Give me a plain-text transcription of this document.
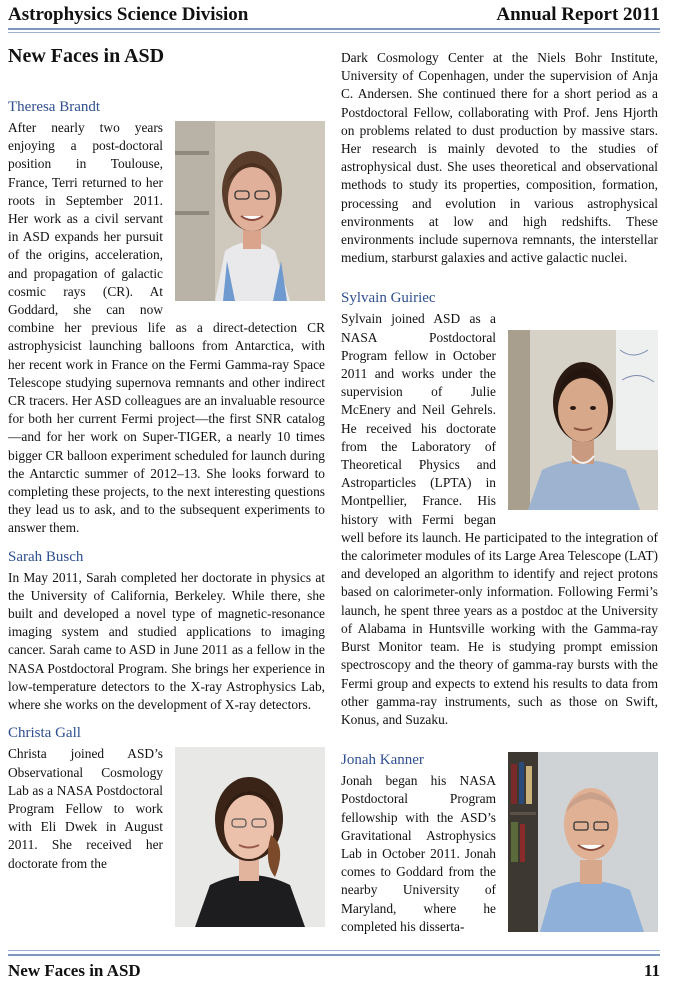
Astrophysics Science Division	Annual Report 2011
New Faces in ASD
Theresa Brandt

After nearly two years enjoying a post-doctoral position in Toulouse, France, Terri returned to her roots in September 2011. Her work as a civil servant in ASD expands her pursuit of the origins, acceleration, and propagation of galactic cosmic rays (CR). At Goddard, she can now combine her previous life as a direct-detection CR astrophysicist launching balloons from Antarctica, with her recent work in France on the Fermi Gamma-ray Space Telescope studying supernova remnants and other indirect CR tracers. Her ASD colleagues are an invaluable resource for both her current Fermi project—the first SNR catalog—and for her work on Super-TIGER, a nearly 10 times bigger CR balloon experiment scheduled for launch during the Antarctic summer of 2012–13. She looks forward to completing these projects, to the next interesting questions they lead us to ask, and to the subsequent experiments to answer them.

Sarah Busch

In May 2011, Sarah completed her doctorate in physics at the University of California, Berkeley. While there, she built and developed a novel type of magnetic-resonance imaging system and studied applications to imaging cancer. Sarah came to ASD in June 2011 as a fellow in the NASA Postdoctoral Program. She brings her experience in low-temperature detectors to the X-ray Astrophysics Lab, where she works on the development of X-ray detectors.

Christa Gall

Christa joined ASD’s Observational Cosmology Lab as a NASA Postdoctoral Program Fellow to work with Eli Dwek in August 2011. She received her doctorate from the

Dark Cosmology Center at the Niels Bohr Institute, University of Copenhagen, under the supervision of Anja C. Andersen. She continued there for a short period as a Postdoctoral Fellow, collaborating with Prof. Jens Hjorth on problems related to dust production by massive stars. Her research is mainly devoted to the studies of astrophysical dust. She uses theoretical and observational methods to study its properties, composition, formation, processing and evolution in various astrophysical environments at low and high redshifts. These environments include supernova remnants, the interstellar medium, starburst galaxies and active galactic nuclei.

Sylvain Guiriec

Sylvain joined ASD as a NASA Postdoctoral Program fellow in October 2011 and works under the supervision of Julie McEnery and Neil Gehrels. He received his doctorate from the Laboratory of Theoretical Physics and Astroparticles (LPTA) in Montpellier, France. His history with Fermi began well before its launch. He participated to the integration of the calorimeter modules of its Large Area Telescope (LAT) and developed an algorithm to identify and reject protons based on calorimeter-only information. Following Fermi’s launch, he spent three years as a postdoc at the University of Alabama in Huntsville working with the Gamma-ray Burst Monitor team. He is studying prompt emission spectroscopy and the theory of gamma-ray bursts with the Fermi group and expects to extend his results to data from other gamma-ray instruments, such as those on Swift, Konus, and Suzaku.

Jonah Kanner

Jonah began his NASA Postdoctoral Program fellowship with the ASD’s Gravitational Astrophysics Lab in October 2011. Jonah comes to Goddard from the nearby University of Maryland, where he completed his disserta-

New Faces in ASD	11
